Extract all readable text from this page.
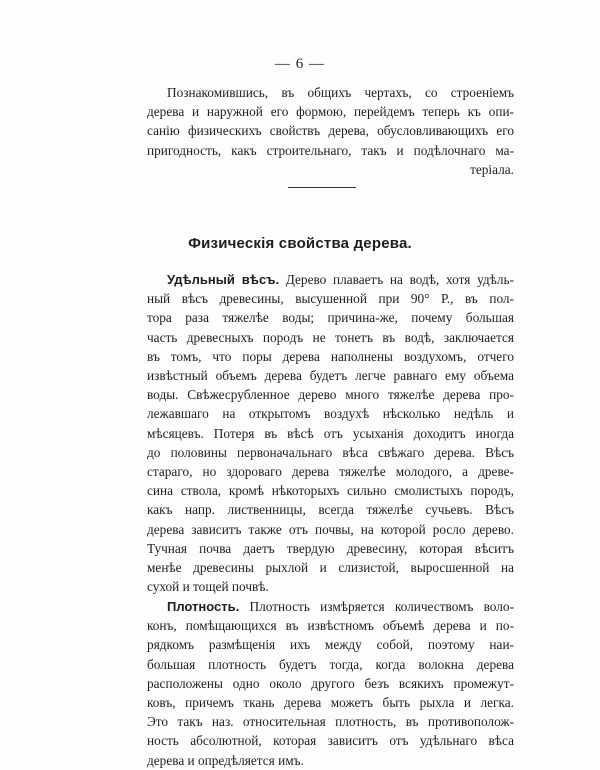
— 6 —

Познакомившись, въ общихъ чертахъ, со строеніемъ
дерева и наружной его формою, перейдемъ теперь къ опи-
санію физическихъ свойствъ дерева, обусловливающихъ его
пригодность, какъ строительнаго, такъ и подѣлочнаго ма-
теріала.

Физическія свойства дерева.

Удѣльный вѣсъ. Дерево плаваетъ на водѣ, хотя удѣль-
ный вѣсъ древесины, высушенной при 90° Р., въ пол-
тора раза тяжелѣе воды; причина-же, почему большая
часть древесныхъ породъ не тонетъ въ водѣ, заключается
въ томъ, что поры дерева наполнены воздухомъ, отчего
извѣстный объемъ дерева будетъ легче равнаго ему объема
воды. Свѣжесрубленное дерево много тяжелѣе дерева про-
лежавшаго на открытомъ воздухѣ нѣсколько недѣль и
мѣсяцевъ. Потеря въ вѣсѣ отъ усыханія доходитъ иногда
до половины первоначальнаго вѣса свѣжаго дерева. Вѣсъ
стараго, но здороваго дерева тяжелѣе молодого, а древе-
сина ствола, кромѣ нѣкоторыхъ сильно смолистыхъ породъ,
какъ напр. лиственницы, всегда тяжелѣе сучьевъ. Вѣсъ
дерева зависитъ также отъ почвы, на которой росло дерево.
Тучная почва даетъ твердую древесину, которая вѣситъ
менѣе древесины рыхлой и слизистой, выросшенной на
сухой и тощей почвѣ.

Плотность. Плотность измѣряется количествомъ воло-
конъ, помѣщающихся въ извѣстномъ объемѣ дерева и по-
рядкомъ размѣщенія ихъ между собой, поэтому наи-
большая плотность будетъ тогда, когда волокна дерева
расположены одно около другого безъ всякихъ промежут-
ковъ, причемъ ткань дерева можетъ быть рыхла и легка.
Это такъ наз. относительная плотность, въ противополож-
ность абсолютной, которая зависитъ отъ удѣльнаго вѣса
дерева и опредѣляется имъ.
